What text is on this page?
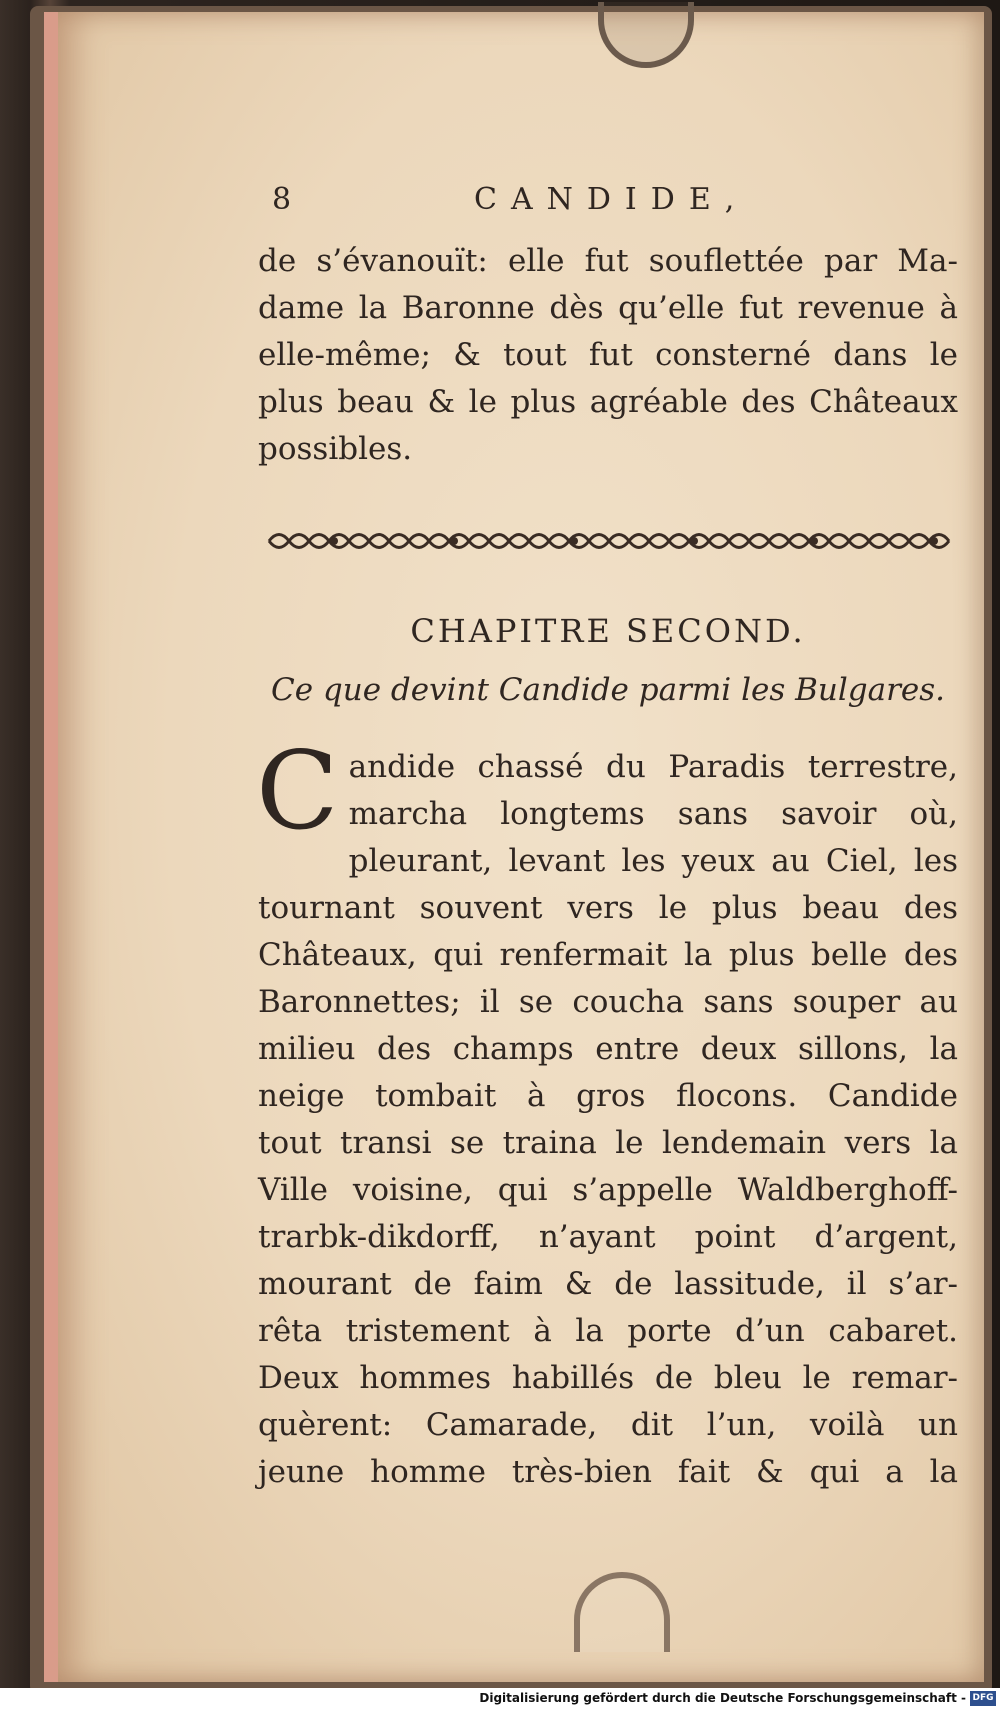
8	CANDIDE,
de s’évanouït: elle fut souflettée par Ma-
dame la Baronne dès qu’elle fut revenue à
elle-même; & tout fut consterné dans le
plus beau & le plus agréable des Châteaux
possibles.
CHAPITRE SECOND.
Ce que devint Candide parmi les Bulgares.
C andide chassé du Paradis terrestre,
marcha longtems sans savoir où,
pleurant, levant les yeux au Ciel, les
tournant souvent vers le plus beau des
Châteaux, qui renfermait la plus belle des
Baronnettes; il se coucha sans souper au
milieu des champs entre deux sillons, la
neige tombait à gros flocons. Candide
tout transi se traina le lendemain vers la
Ville voisine, qui s’appelle Waldberghoff-
trarbk-dikdorff, n’ayant point d’argent,
mourant de faim & de lassitude, il s’ar-
rêta tristement à la porte d’un cabaret.
Deux hommes habillés de bleu le remar-
quèrent: Camarade, dit l’un, voilà un
jeune homme très-bien fait & qui a la
Digitalisierung gefördert durch die Deutsche Forschungsgemeinschaft - DFG
